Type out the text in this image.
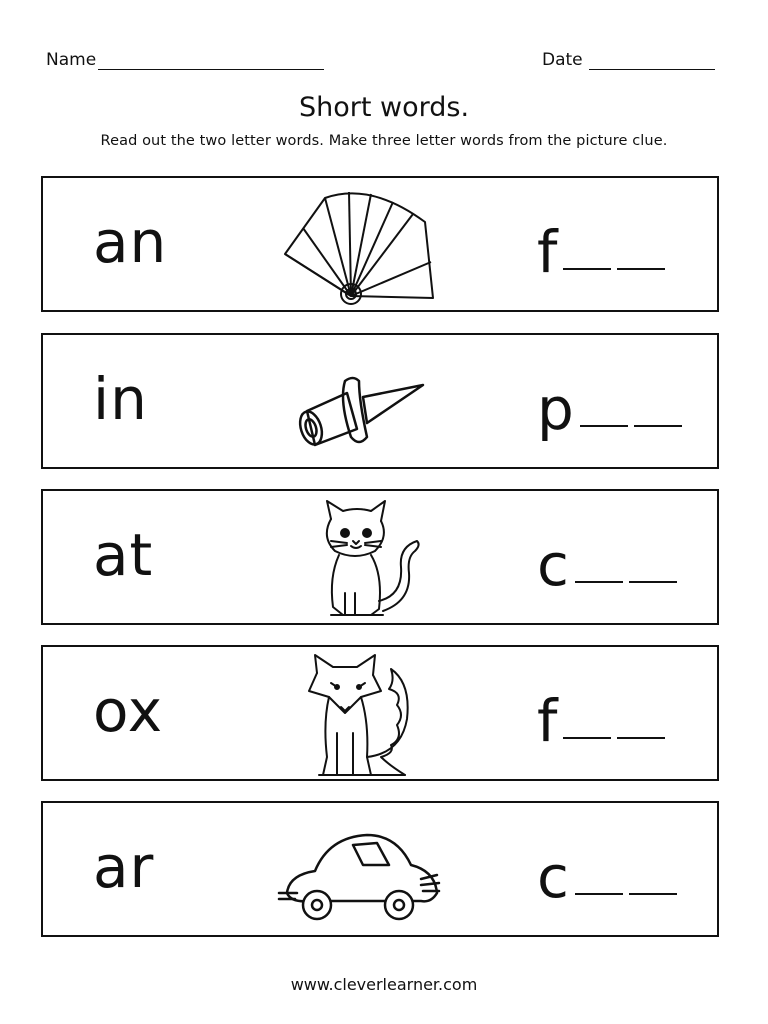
Name	Date
Short words.
Read out the two letter words. Make three letter words from the picture clue.
an	f
in	p
at	c
ox	f
ar	c
www.cleverlearner.com
